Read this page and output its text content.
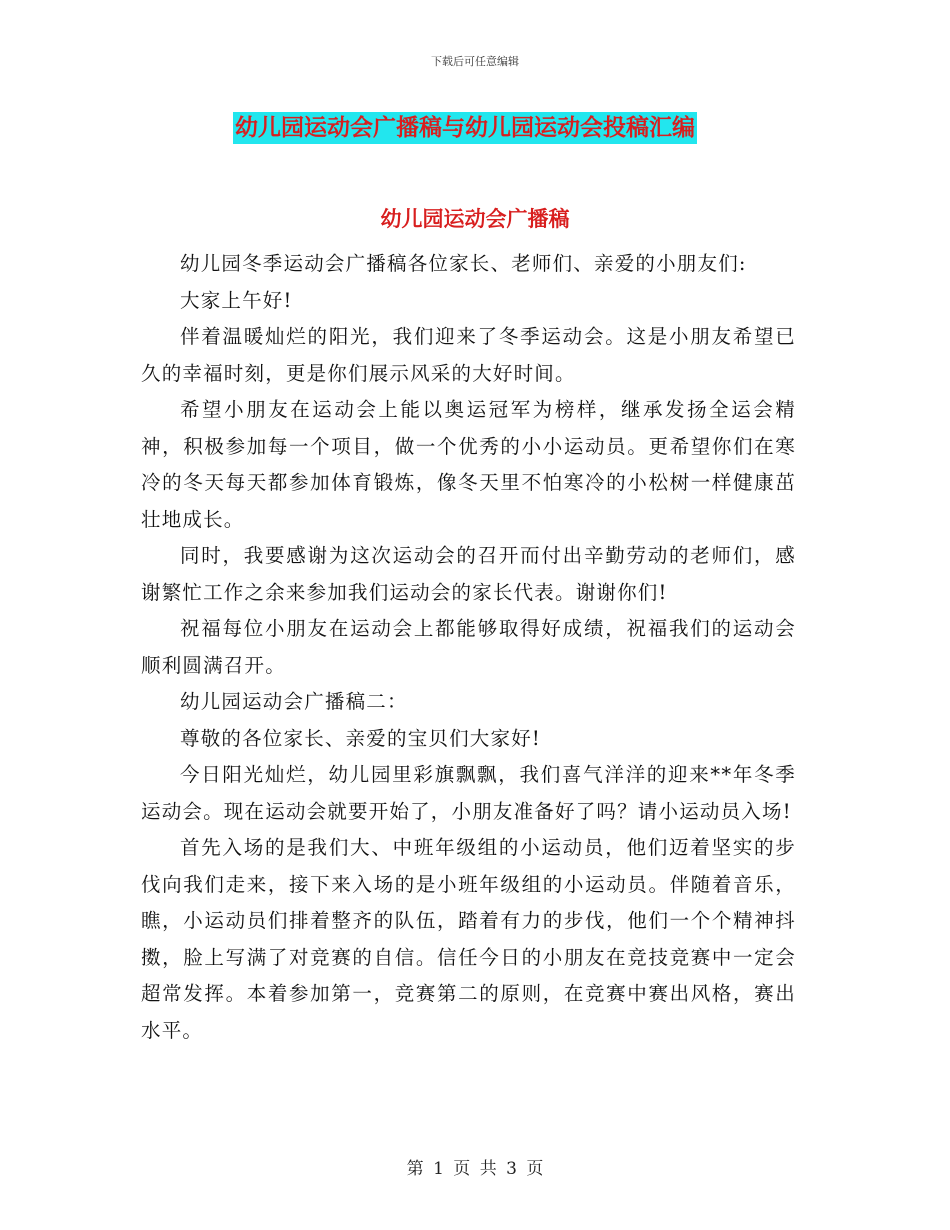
下载后可任意编辑
幼儿园运动会广播稿与幼儿园运动会投稿汇编
幼儿园运动会广播稿

幼儿园冬季运动会广播稿各位家长、老师们、亲爱的小朋友们:

大家上午好!

伴着温暖灿烂的阳光，我们迎来了冬季运动会。这是小朋友希望已久的幸福时刻，更是你们展示风采的大好时间。

希望小朋友在运动会上能以奥运冠军为榜样，继承发扬全运会精神，积极参加每一个项目，做一个优秀的小小运动员。更希望你们在寒冷的冬天每天都参加体育锻炼，像冬天里不怕寒冷的小松树一样健康茁壮地成长。

同时，我要感谢为这次运动会的召开而付出辛勤劳动的老师们，感谢繁忙工作之余来参加我们运动会的家长代表。谢谢你们!

祝福每位小朋友在运动会上都能够取得好成绩，祝福我们的运动会顺利圆满召开。

幼儿园运动会广播稿二：

尊敬的各位家长、亲爱的宝贝们大家好!

今日阳光灿烂，幼儿园里彩旗飘飘，我们喜气洋洋的迎来**年冬季运动会。现在运动会就要开始了，小朋友准备好了吗？请小运动员入场!

首先入场的是我们大、中班年级组的小运动员，他们迈着坚实的步伐向我们走来，接下来入场的是小班年级组的小运动员。伴随着音乐，瞧，小运动员们排着整齐的队伍，踏着有力的步伐，他们一个个精神抖擞，脸上写满了对竞赛的自信。信任今日的小朋友在竞技竞赛中一定会超常发挥。本着参加第一，竞赛第二的原则，在竞赛中赛出风格，赛出水平。

第 1 页 共 3 页
